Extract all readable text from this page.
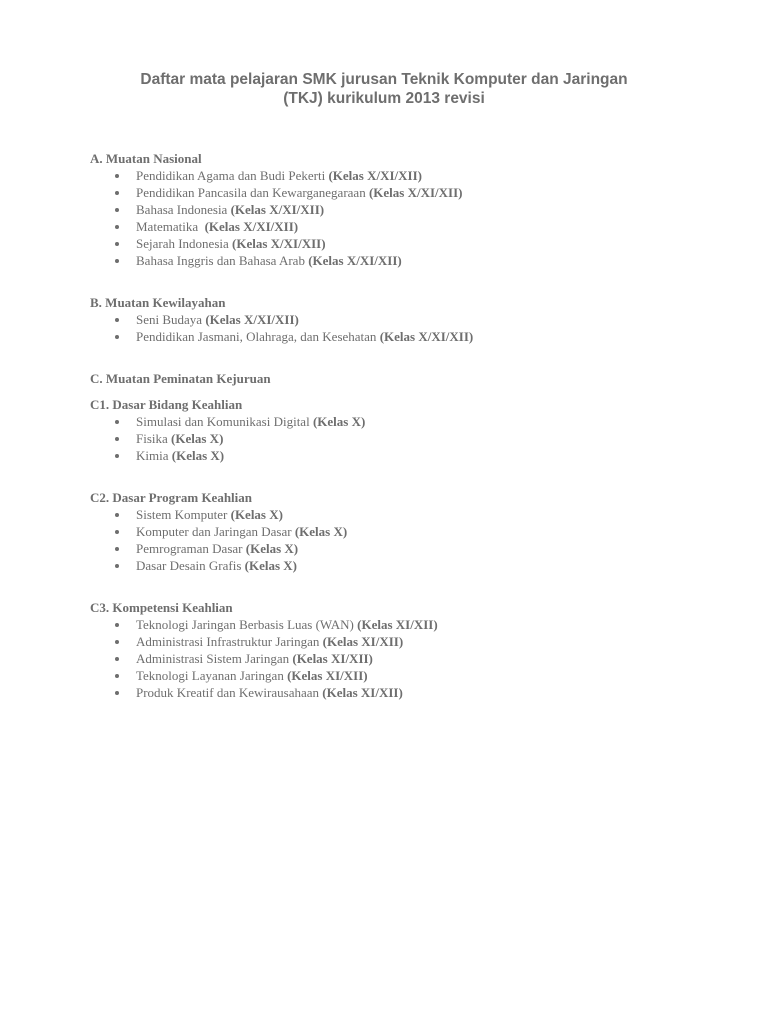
Daftar mata pelajaran SMK jurusan Teknik Komputer dan Jaringan
(TKJ) kurikulum 2013 revisi

A. Muatan Nasional

Pendidikan Agama dan Budi Pekerti (Kelas X/XI/XII)
Pendidikan Pancasila dan Kewarganegaraan (Kelas X/XI/XII)
Bahasa Indonesia (Kelas X/XI/XII)
Matematika  (Kelas X/XI/XII)
Sejarah Indonesia (Kelas X/XI/XII)
Bahasa Inggris dan Bahasa Arab (Kelas X/XI/XII)

B. Muatan Kewilayahan

Seni Budaya (Kelas X/XI/XII)
Pendidikan Jasmani, Olahraga, dan Kesehatan (Kelas X/XI/XII)

C. Muatan Peminatan Kejuruan

C1. Dasar Bidang Keahlian

Simulasi dan Komunikasi Digital (Kelas X)
Fisika (Kelas X)
Kimia (Kelas X)

C2. Dasar Program Keahlian

Sistem Komputer (Kelas X)
Komputer dan Jaringan Dasar (Kelas X)
Pemrograman Dasar (Kelas X)
Dasar Desain Grafis (Kelas X)

C3. Kompetensi Keahlian

Teknologi Jaringan Berbasis Luas (WAN) (Kelas XI/XII)
Administrasi Infrastruktur Jaringan (Kelas XI/XII)
Administrasi Sistem Jaringan (Kelas XI/XII)
Teknologi Layanan Jaringan (Kelas XI/XII)
Produk Kreatif dan Kewirausahaan (Kelas XI/XII)
